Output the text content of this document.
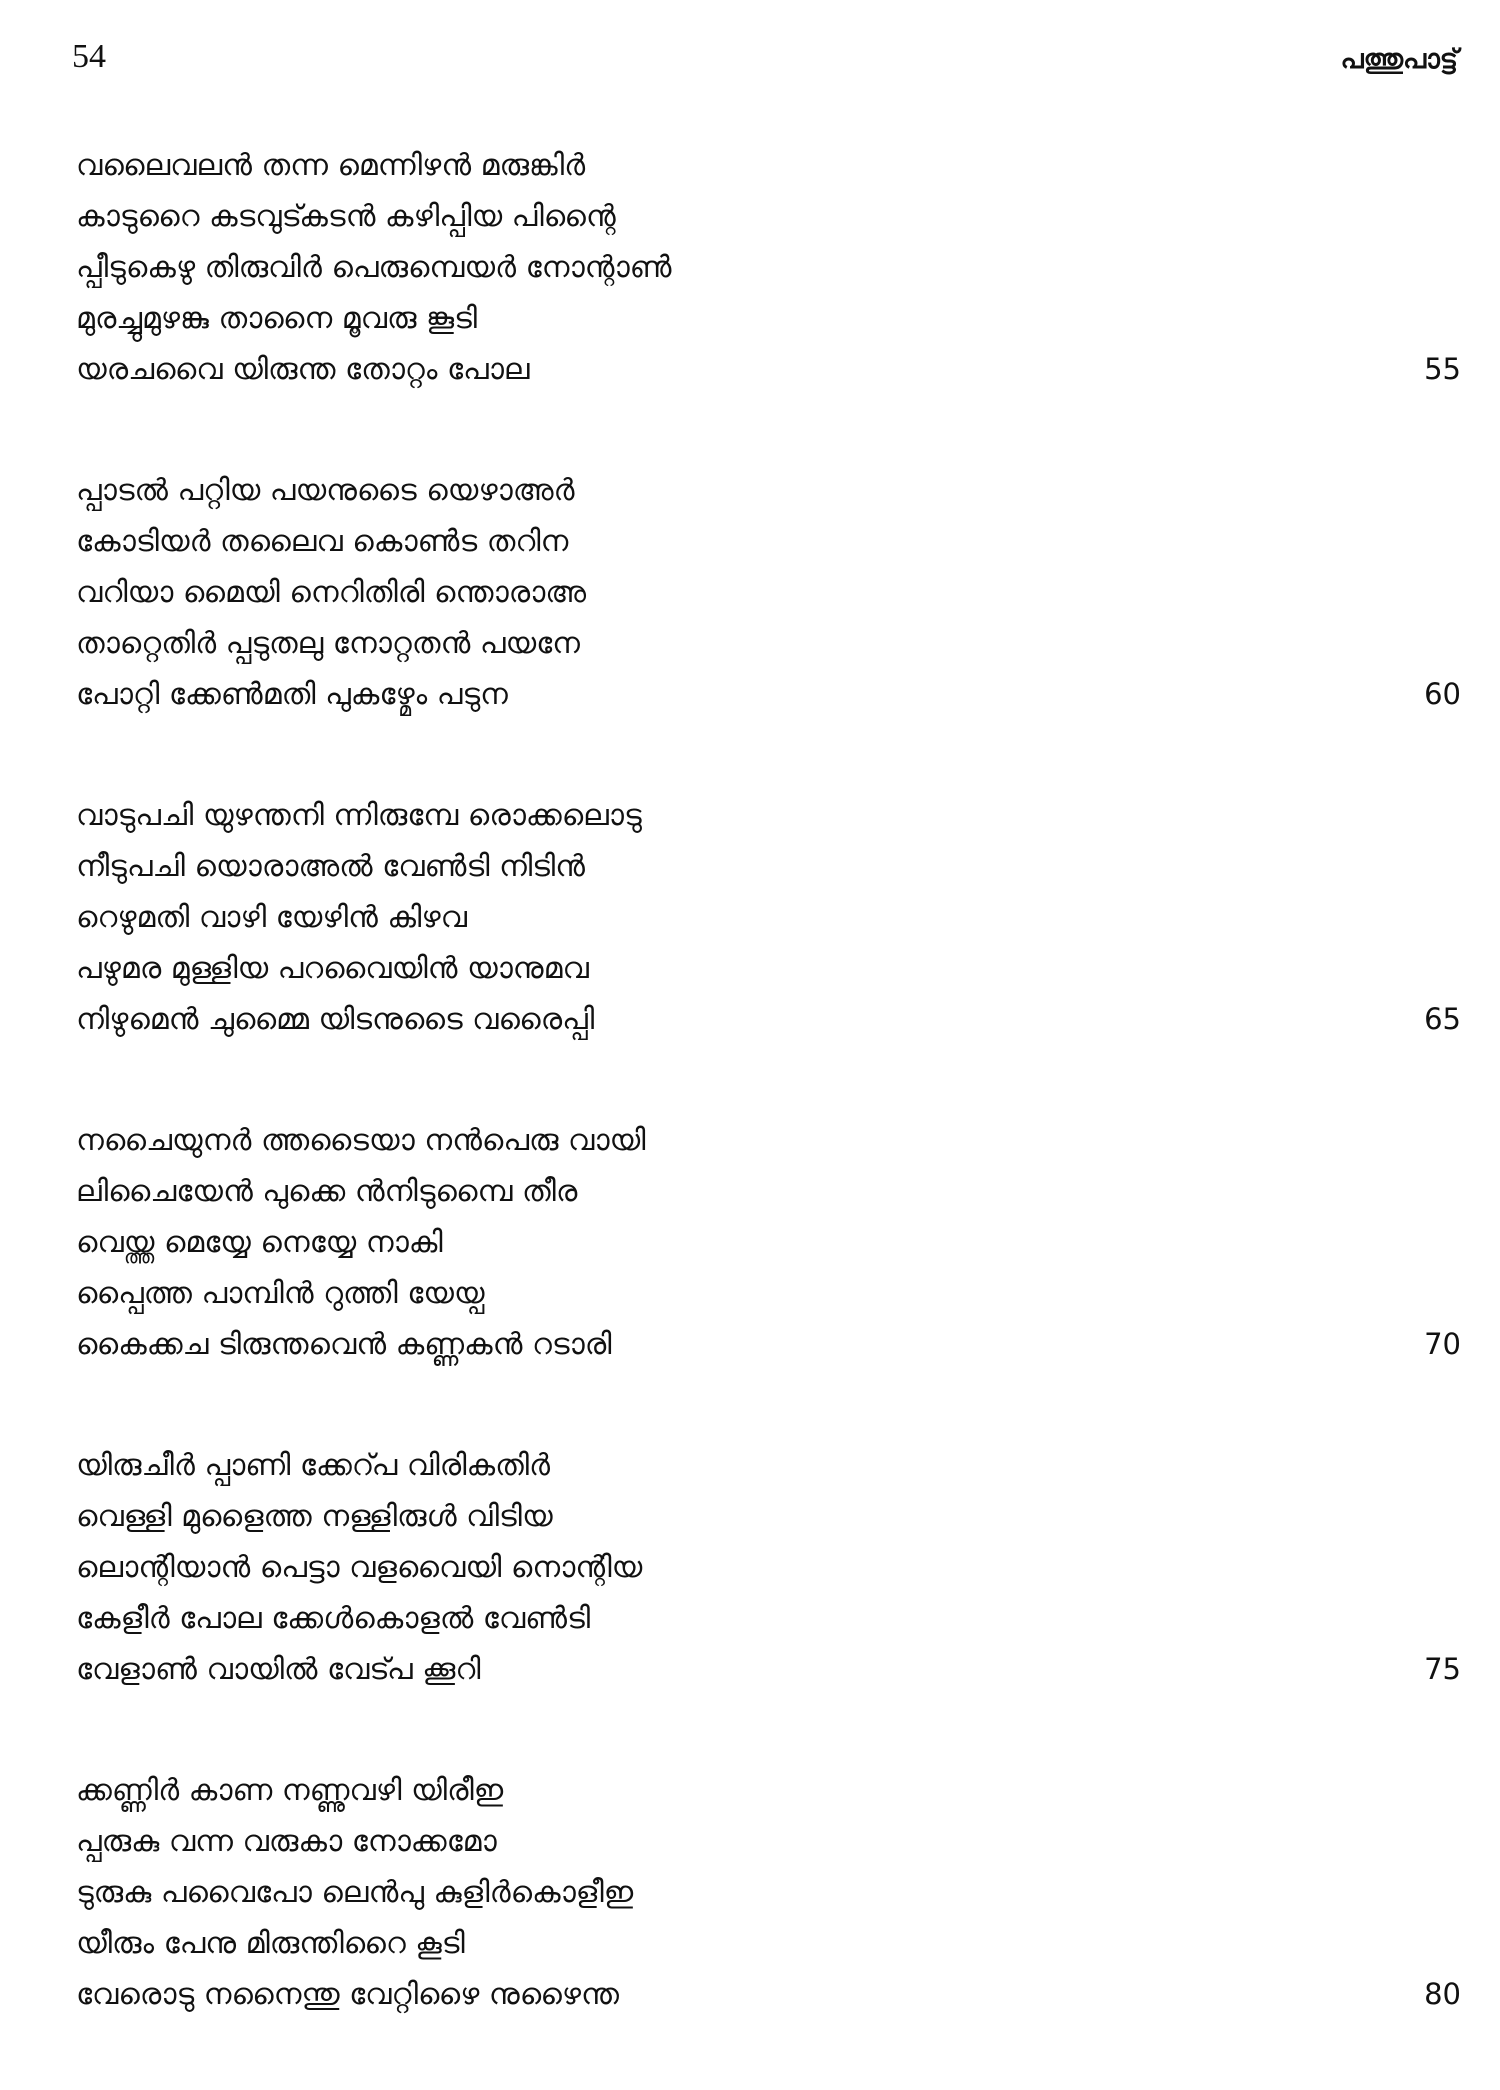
54	പത്തുപാട്ട്

വലൈവലൻ തന്ന മെന്നിഴൻ മരുങ്കിർ
കാടുറൈ കടവുട്കടൻ കഴിപ്പിയ പിന്റൈ
പ്പീടുകെഴു തിരുവിർ പെരുമ്പെയർ നോന്റാൺ
മുരച്ചുമുഴങ്കു താനൈ മൂവരു ങ്കൂടി
യരചവൈ യിരുന്ത തോറ്റം പോല	55
പ്പാടൽ പറ്റിയ പയനുടൈ യെഴാഅർ
കോടിയർ തലൈവ കൊൺട തറിന
വറിയാ മൈയി നെറിതിരി ന്തൊരാഅ
താറ്റെതിർ പ്പടുതലു നോറ്റതൻ പയനേ
പോറ്റി ക്കേൺമതി പുകഴ്മേം പടുന	60
വാടുപചി യുഴന്തനി ന്നിരുമ്പേ രൊക്കലൊടു
നീടുപചി യൊരാഅൽ വേൺടി നിടിൻ
റെഴുമതി വാഴി യേഴിൻ കിഴവ
പഴുമര മുള്ളിയ പറവൈയിൻ യാനുമവ
നിഴുമെൻ ചുമ്മൈ യിടനുടൈ വരൈപ്പി	65
നചൈയുനർ ത്തടൈയാ നൻപെരു വായി
ലിചൈയേൻ പുക്കെ ൻനിടുമ്പൈ തീര
വെയ്ത്ത മെയ്യേ നെയ്യേ നാകി
പ്പൈത്ത പാമ്പിൻ റുത്തി യേയ്പ
കൈക്കച ടിരുന്തവെൻ കണ്ണകൻ റടാരി	70
യിരുചീർ പ്പാണി ക്കേറ്പ വിരികതിർ
വെള്ളി മുളൈത്ത നള്ളിരുൾ വിടിയ
ലൊന്റിയാൻ പെട്ടാ വളവൈയി നൊന്റിയ
കേളീർ പോല ക്കേൾകൊളൽ വേൺടി
വേളാൺ വായിൽ വേട്പ ക്കൂറി	75
ക്കണ്ണിർ കാണ നണ്ണുവഴി യിരീഇ
പ്പരുകു വന്ന വരുകാ നോക്കമോ
ടുരുകു പവൈപോ ലെൻപു കുളിർകൊളീഇ
യീരും പേനു മിരുന്തിറൈ കൂടി
വേരൊടു നനൈന്തു വേറ്റിഴൈ നുഴൈന്ത	80
